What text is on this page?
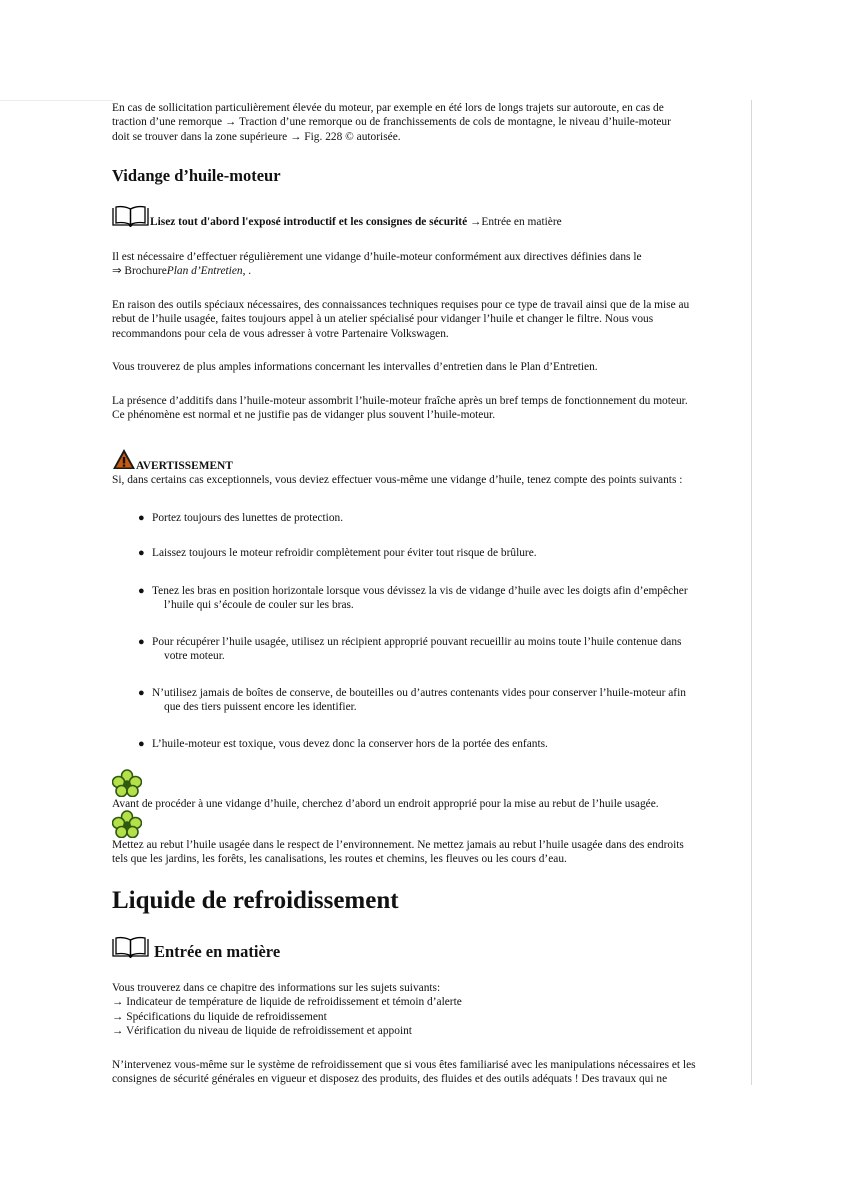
En cas de sollicitation particulièrement élevée du moteur, par exemple en été lors de longs trajets sur autoroute, en cas de

traction d’une remorque → Traction d’une remorque ou de franchissements de cols de montagne, le niveau d’huile-moteur

doit se trouver dans la zone supérieure → Fig. 228 © autorisée.

Vidange d’huile-moteur
Lisez tout d'abord l'exposé introductif et les consignes de sécurité →Entrée en matière

Il est nécessaire d’effectuer régulièrement une vidange d’huile-moteur conformément aux directives définies dans le

⇒ BrochurePlan d’Entretien, .

En raison des outils spéciaux nécessaires, des connaissances techniques requises pour ce type de travail ainsi que de la mise au

rebut de l’huile usagée, faites toujours appel à un atelier spécialisé pour vidanger l’huile et changer le filtre. Nous vous

recommandons pour cela de vous adresser à votre Partenaire Volkswagen.

Vous trouverez de plus amples informations concernant les intervalles d’entretien dans le Plan d’Entretien.

La présence d’additifs dans l’huile-moteur assombrit l’huile-moteur fraîche après un bref temps de fonctionnement du moteur.

Ce phénomène est normal et ne justifie pas de vidanger plus souvent l’huile-moteur.

AVERTISSEMENT
Si, dans certains cas exceptionnels, vous deviez effectuer vous-même une vidange d’huile, tenez compte des points suivants :
● Portez toujours des lunettes de protection.

● Laissez toujours le moteur refroidir complètement pour éviter tout risque de brûlure.

● Tenez les bras en position horizontale lorsque vous dévissez la vis de vidange d’huile avec les doigts afin d’empêcher

l’huile qui s’écoule de couler sur les bras.

● Pour récupérer l’huile usagée, utilisez un récipient approprié pouvant recueillir au moins toute l’huile contenue dans

votre moteur.

● N’utilisez jamais de boîtes de conserve, de bouteilles ou d’autres contenants vides pour conserver l’huile-moteur afin

que des tiers puissent encore les identifier.

● L’huile-moteur est toxique, vous devez donc la conserver hors de la portée des enfants.

Avant de procéder à une vidange d’huile, cherchez d’abord un endroit approprié pour la mise au rebut de l’huile usagée.

Mettez au rebut l’huile usagée dans le respect de l’environnement. Ne mettez jamais au rebut l’huile usagée dans des endroits

tels que les jardins, les forêts, les canalisations, les routes et chemins, les fleuves ou les cours d’eau.

Liquide de refroidissement
Entrée en matière

Vous trouverez dans ce chapitre des informations sur les sujets suivants:

→ Indicateur de température de liquide de refroidissement et témoin d’alerte

→ Spécifications du liquide de refroidissement

→ Vérification du niveau de liquide de refroidissement et appoint

N’intervenez vous-même sur le système de refroidissement que si vous êtes familiarisé avec les manipulations nécessaires et les

consignes de sécurité générales en vigueur et disposez des produits, des fluides et des outils adéquats ! Des travaux qui ne
